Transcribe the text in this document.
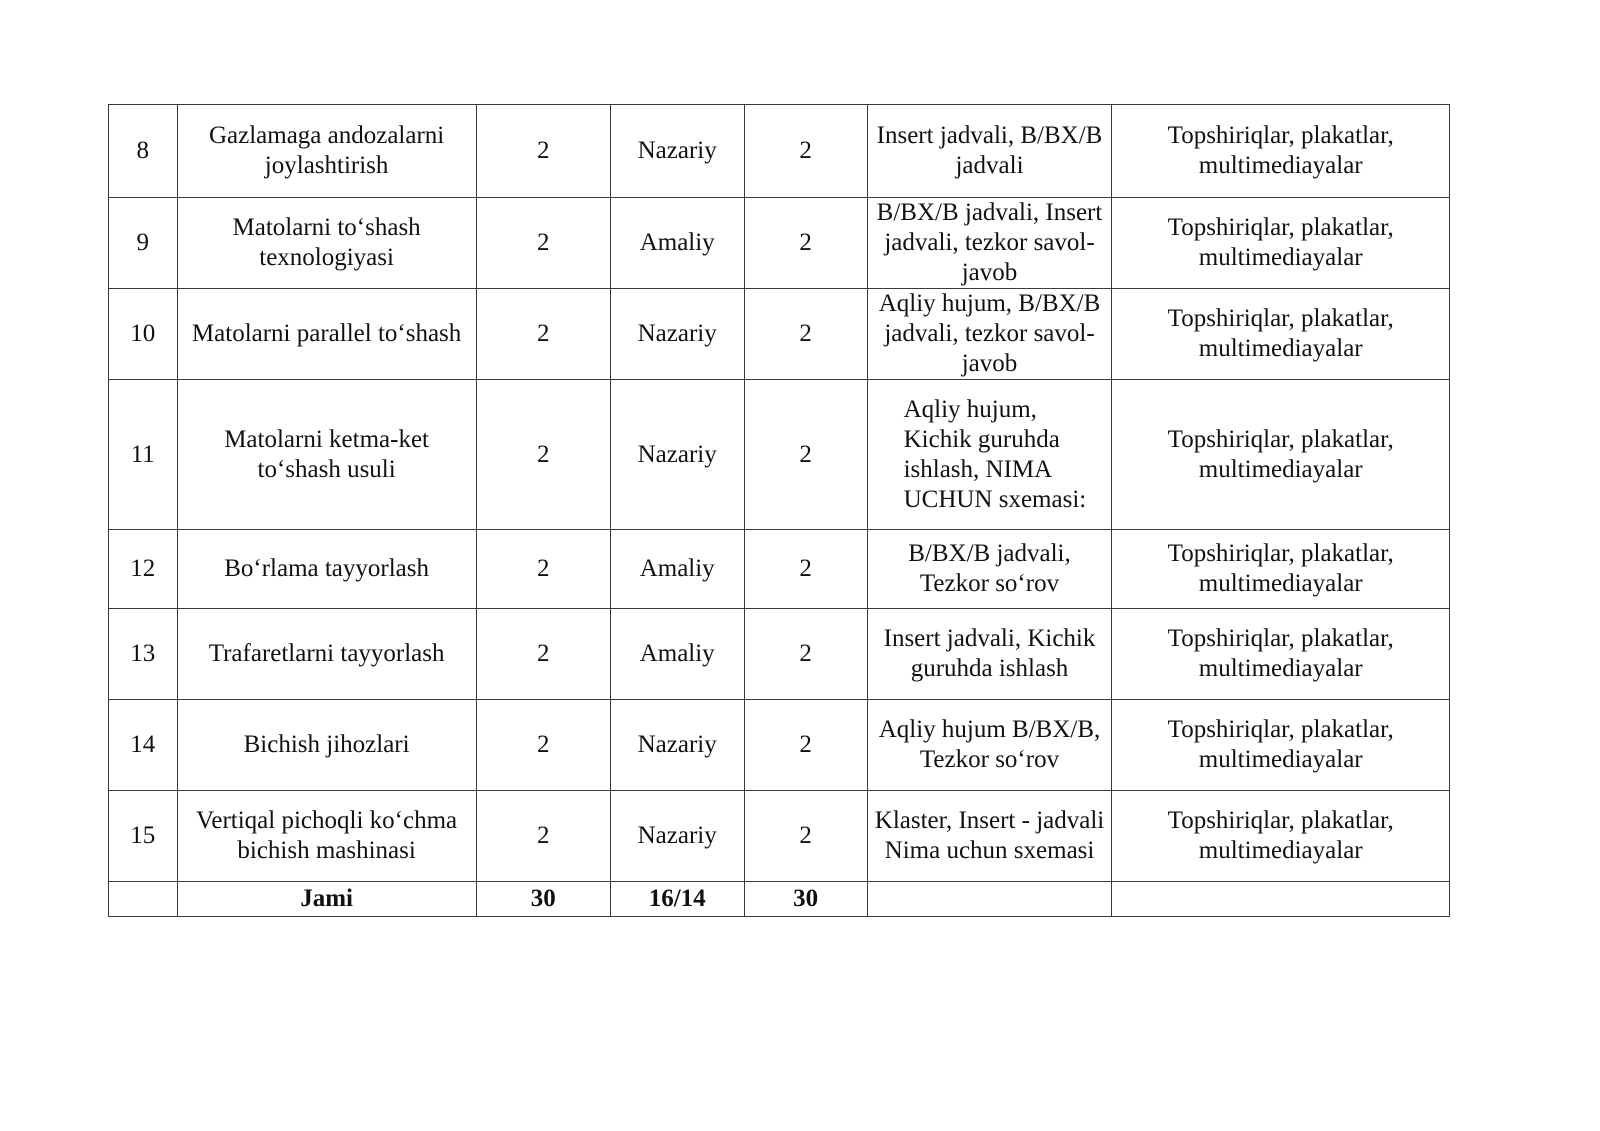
8	Gazlamaga andozalarni joylashtirish	2	Nazariy	2	Insert jadvali, B/BX/B jadvali	Topshiriqlar, plakatlar, multimediayalar
9	Matolarni to‘shash texnologiyasi	2	Amaliy	2	B/BX/B jadvali, Insert jadvali, tezkor savol-javob	Topshiriqlar, plakatlar, multimediayalar
10	Matolarni parallel to‘shash	2	Nazariy	2	Aqliy hujum, B/BX/B jadvali, tezkor savol-javob	Topshiriqlar, plakatlar, multimediayalar
11	Matolarni ketma-ket to‘shash usuli	2	Nazariy	2	Aqliy hujum, Kichik guruhda ishlash, NIMA UCHUN sxemasi:	Topshiriqlar, plakatlar, multimediayalar
12	Bo‘rlama tayyorlash	2	Amaliy	2	B/BX/B jadvali, Tezkor so‘rov	Topshiriqlar, plakatlar, multimediayalar
13	Trafaretlarni tayyorlash	2	Amaliy	2	Insert jadvali, Kichik guruhda ishlash	Topshiriqlar, plakatlar, multimediayalar
14	Bichish jihozlari	2	Nazariy	2	Aqliy hujum B/BX/B, Tezkor so‘rov	Topshiriqlar, plakatlar, multimediayalar
15	Vertiqal pichoqli ko‘chma bichish mashinasi	2	Nazariy	2	Klaster, Insert - jadvali Nima uchun sxemasi	Topshiriqlar, plakatlar, multimediayalar
	Jami	30	16/14	30		
